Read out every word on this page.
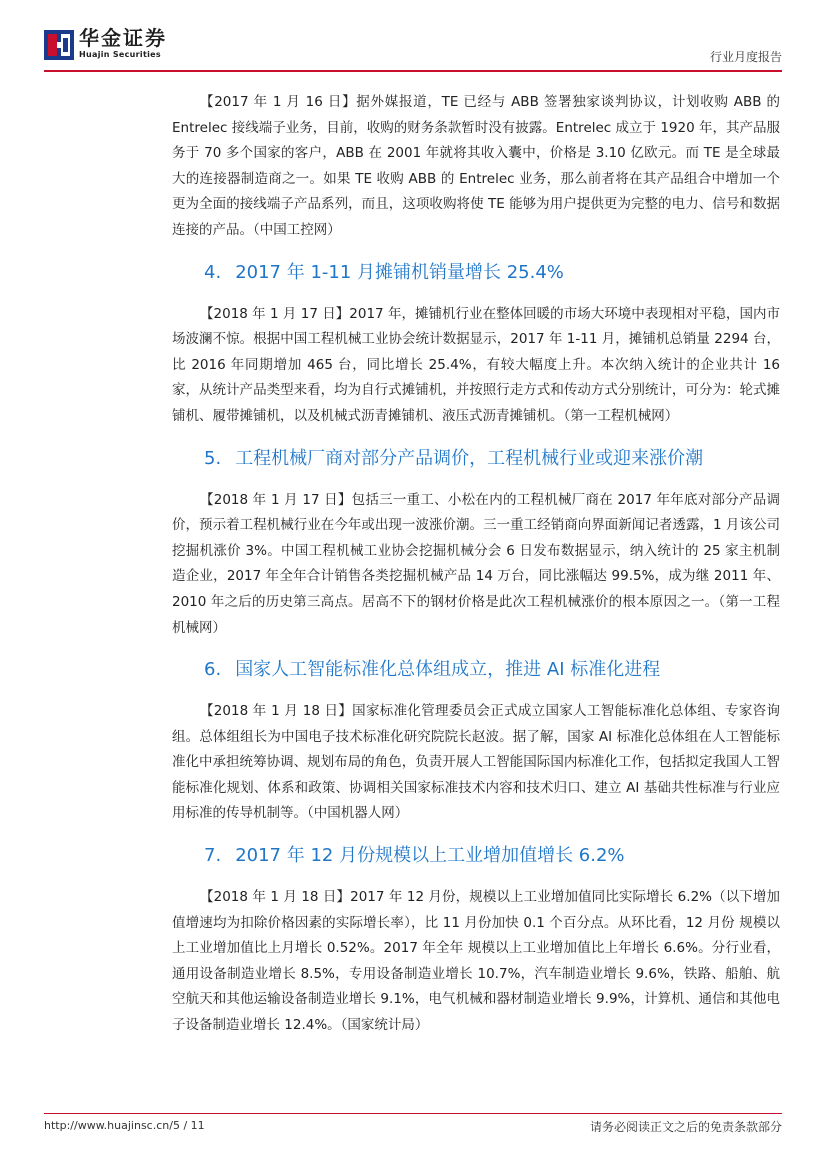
华金证券
Huajin Securities	行业月度报告

【2017 年 1 月 16 日】据外媒报道，TE 已经与 ABB 签署独家谈判协议，计划收购 ABB 的 Entrelec 接线端子业务，目前，收购的财务条款暂时没有披露。Entrelec 成立于 1920 年，其产品服务于 70 多个国家的客户，ABB 在 2001 年就将其收入囊中，价格是 3.10 亿欧元。而 TE 是全球最大的连接器制造商之一。如果 TE 收购 ABB 的 Entrelec 业务，那么前者将在其产品组合中增加一个更为全面的接线端子产品系列，而且，这项收购将使 TE 能够为用户提供更为完整的电力、信号和数据连接的产品。（中国工控网）

4. 2017 年 1-11 月摊铺机销量增长 25.4%

【2018 年 1 月 17 日】2017 年，摊铺机行业在整体回暖的市场大环境中表现相对平稳，国内市场波澜不惊。根据中国工程机械工业协会统计数据显示，2017 年 1-11 月，摊铺机总销量 2294 台，比 2016 年同期增加 465 台，同比增长 25.4%，有较大幅度上升。本次纳入统计的企业共计 16 家，从统计产品类型来看，均为自行式摊铺机，并按照行走方式和传动方式分别统计，可分为：轮式摊铺机、履带摊铺机，以及机械式沥青摊铺机、液压式沥青摊铺机。（第一工程机械网）

5. 工程机械厂商对部分产品调价，工程机械行业或迎来涨价潮

【2018 年 1 月 17 日】包括三一重工、小松在内的工程机械厂商在 2017 年年底对部分产品调价，预示着工程机械行业在今年或出现一波涨价潮。三一重工经销商向界面新闻记者透露，1 月该公司挖掘机涨价 3%。中国工程机械工业协会挖掘机械分会 6 日发布数据显示，纳入统计的 25 家主机制造企业，2017 年全年合计销售各类挖掘机械产品 14 万台，同比涨幅达 99.5%，成为继 2011 年、2010 年之后的历史第三高点。居高不下的钢材价格是此次工程机械涨价的根本原因之一。（第一工程机械网）

6. 国家人工智能标准化总体组成立，推进 AI 标准化进程

【2018 年 1 月 18 日】国家标准化管理委员会正式成立国家人工智能标准化总体组、专家咨询组。总体组组长为中国电子技术标准化研究院院长赵波。据了解，国家 AI 标准化总体组在人工智能标准化中承担统筹协调、规划布局的角色，负责开展人工智能国际国内标准化工作，包括拟定我国人工智能标准化规划、体系和政策、协调相关国家标准技术内容和技术归口、建立 AI 基础共性标准与行业应用标准的传导机制等。（中国机器人网）

7. 2017 年 12 月份规模以上工业增加值增长 6.2%

【2018 年 1 月 18 日】2017 年 12 月份，规模以上工业增加值同比实际增长 6.2%（以下增加值增速均为扣除价格因素的实际增长率），比 11 月份加快 0.1 个百分点。从环比看，12 月份 规模以上工业增加值比上月增长 0.52%。2017 年全年 规模以上工业增加值比上年增长 6.6%。分行业看，通用设备制造业增长 8.5%，专用设备制造业增长 10.7%，汽车制造业增长 9.6%，铁路、船舶、航空航天和其他运输设备制造业增长 9.1%，电气机械和器材制造业增长 9.9%，计算机、通信和其他电子设备制造业增长 12.4%。（国家统计局）

http://www.huajinsc.cn/5 / 11	请务必阅读正文之后的免责条款部分
